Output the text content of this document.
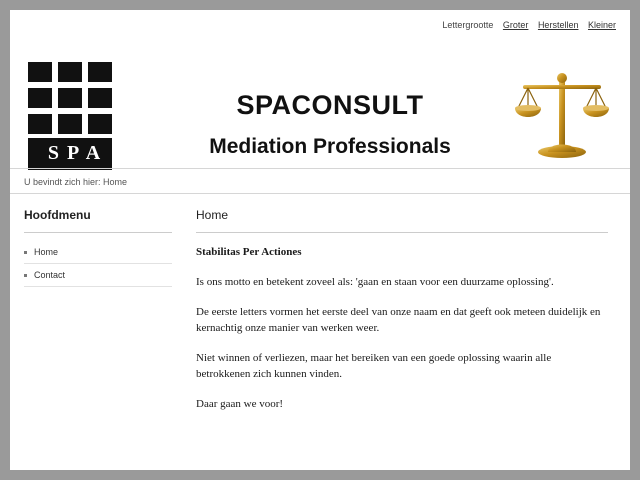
Lettergrootte Groter Herstellen Kleiner
SPA
SPACONSULT
Mediation Professionals
U bevindt zich hier: Home
Hoofdmenu
Home
Contact
Home
Stabilitas Per Actiones

Is ons motto en betekent zoveel als: 'gaan en staan voor een duurzame oplossing'.

De eerste letters vormen het eerste deel van onze naam en dat geeft ook meteen duidelijk en kernachtig onze manier van werken weer.

Niet winnen of verliezen, maar het bereiken van een goede oplossing waarin alle betrokkenen zich kunnen vinden.

Daar gaan we voor!
